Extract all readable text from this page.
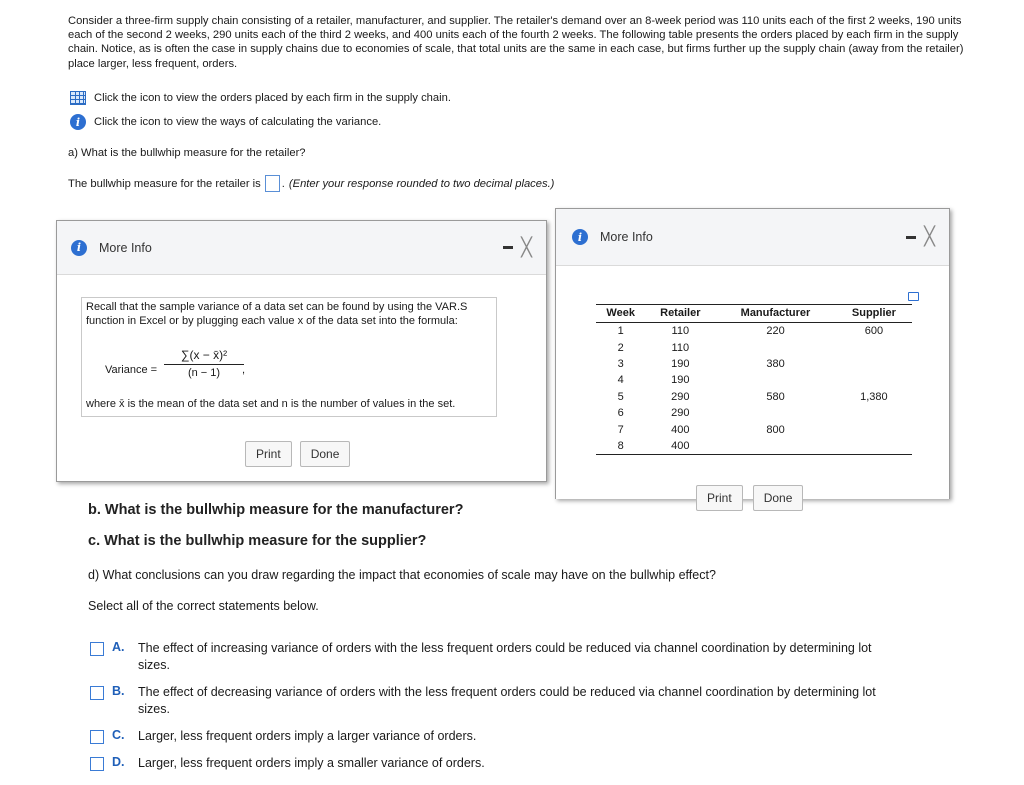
Consider a three-firm supply chain consisting of a retailer, manufacturer, and supplier. The retailer's demand over an 8-week period was 110 units each of the first 2 weeks, 190 units each of the second 2 weeks, 290 units each of the third 2 weeks, and 400 units each of the fourth 2 weeks. The following table presents the orders placed by each firm in the supply chain. Notice, as is often the case in supply chains due to economies of scale, that total units are the same in each case, but firms further up the supply chain (away from the retailer) place larger, less frequent, orders.
Click the icon to view the orders placed by each firm in the supply chain.
i	Click the icon to view the ways of calculating the variance.
a) What is the bullwhip measure for the retailer?
The bullwhip measure for the retailer is . (Enter your response rounded to two decimal places.)
i	More Info	╳
Recall that the sample variance of a data set can be found by using the VAR.S function in Excel or by plugging each value x of the data set into the formula:
Variance = $\frac{\text{∑(x − x̄)²}}{(n - 1)}$
,
where x̄ is the mean of the data set and n is the number of values in the set.
Print	Done
i	More Info	╳
Week	Retailer	Manufacturer	Supplier
1	110	220	600
2	110		
3	190	380	
4	190		
5	290	580	1,380
6	290		
7	400	800	
8	400		
Print	Done
b. What is the bullwhip measure for the manufacturer?
c. What is the bullwhip measure for the supplier?
d) What conclusions can you draw regarding the impact that economies of scale may have on the bullwhip effect?
Select all of the correct statements below.
A.	The effect of increasing variance of orders with the less frequent orders could be reduced via channel coordination by determining lot sizes.
B.	The effect of decreasing variance of orders with the less frequent orders could be reduced via channel coordination by determining lot sizes.
C.	Larger, less frequent orders imply a larger variance of orders.
D.	Larger, less frequent orders imply a smaller variance of orders.
